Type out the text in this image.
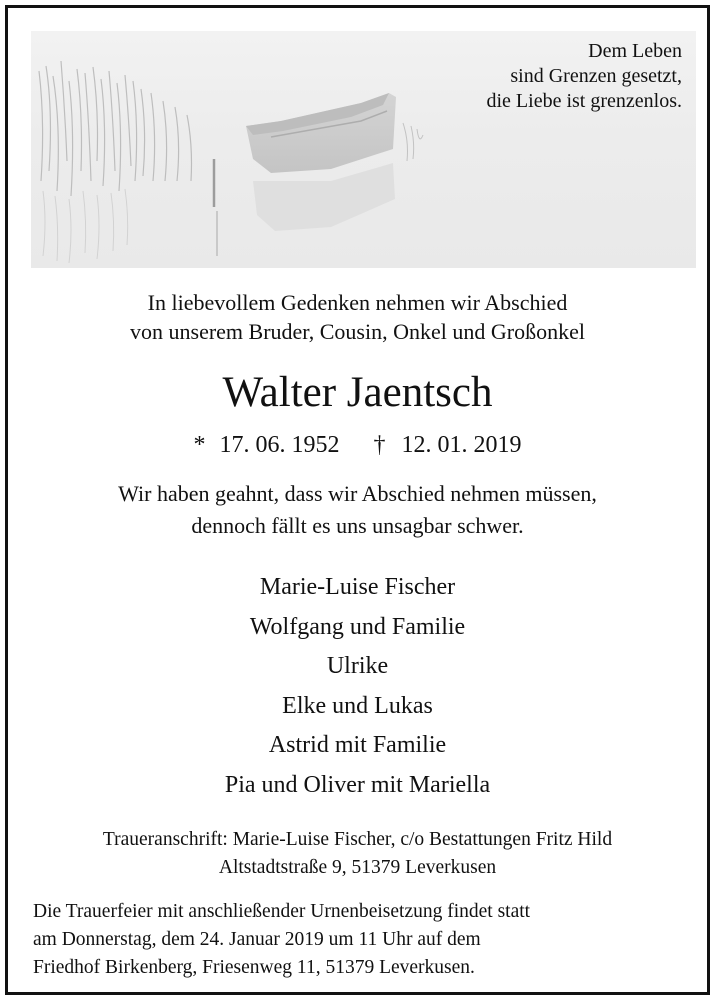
Dem Leben
sind Grenzen gesetzt,
die Liebe ist grenzenlos.
In liebevollem Gedenken nehmen wir Abschied
von unserem Bruder, Cousin, Onkel und Großonkel
Walter Jaentsch
* 17. 06. 1952 † 12. 01. 2019
Wir haben geahnt, dass wir Abschied nehmen müssen,
dennoch fällt es uns unsagbar schwer.
Marie-Luise Fischer
Wolfgang und Familie
Ulrike
Elke und Lukas
Astrid mit Familie
Pia und Oliver mit Mariella
Traueranschrift: Marie-Luise Fischer, c/o Bestattungen Fritz Hild
Altstadtstraße 9, 51379 Leverkusen
Die Trauerfeier mit anschließender Urnenbeisetzung findet statt
am Donnerstag, dem 24. Januar 2019 um 11 Uhr auf dem
Friedhof Birkenberg, Friesenweg 11, 51379 Leverkusen.
